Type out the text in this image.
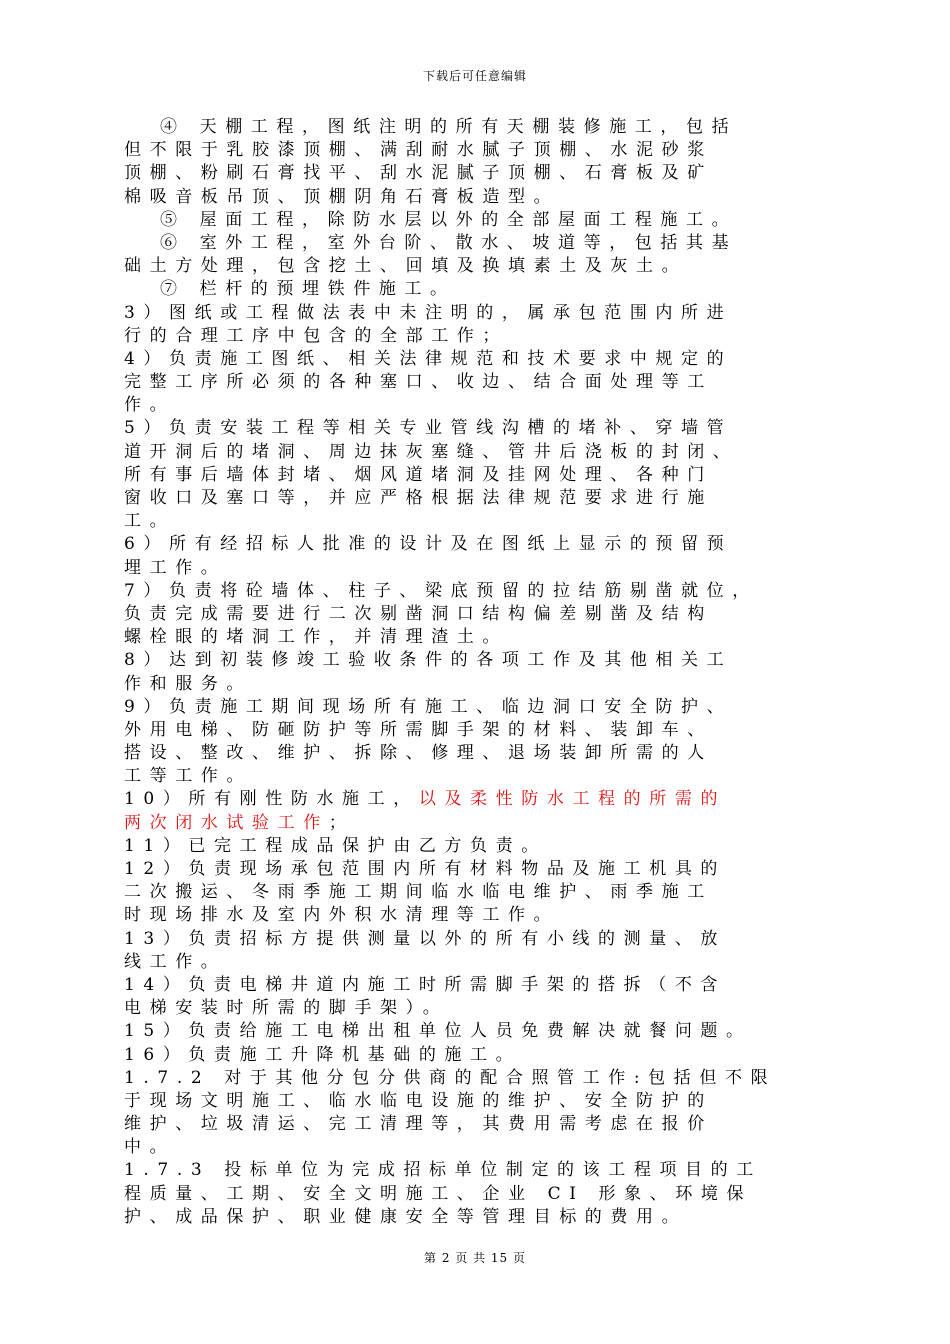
下载后可任意编辑
④ 天棚工程，图纸注明的所有天棚装修施工，包括
但不限于乳胶漆顶棚、满刮耐水腻子顶棚、水泥砂浆
顶棚、粉刷石膏找平、刮水泥腻子顶棚、石膏板及矿
棉吸音板吊顶、顶棚阴角石膏板造型。
⑤ 屋面工程，除防水层以外的全部屋面工程施工。
⑥ 室外工程，室外台阶、散水、坡道等，包括其基
础土方处理，包含挖土、回填及换填素土及灰土。
⑦ 栏杆的预埋铁件施工。
3）图纸或工程做法表中未注明的，属承包范围内所进
行的合理工序中包含的全部工作；
4）负责施工图纸、相关法律规范和技术要求中规定的
完整工序所必须的各种塞口、收边、结合面处理等工
作。
5）负责安装工程等相关专业管线沟槽的堵补、穿墙管
道开洞后的堵洞、周边抹灰塞缝、管井后浇板的封闭、
所有事后墙体封堵、烟风道堵洞及挂网处理、各种门
窗收口及塞口等，并应严格根据法律规范要求进行施
工。
6）所有经招标人批准的设计及在图纸上显示的预留预
埋工作。
7）负责将砼墙体、柱子、梁底预留的拉结筋剔凿就位，
负责完成需要进行二次剔凿洞口结构偏差剔凿及结构
螺栓眼的堵洞工作，并清理渣土。
8）达到初装修竣工验收条件的各项工作及其他相关工
作和服务。
9）负责施工期间现场所有施工、临边洞口安全防护、
外用电梯、防砸防护等所需脚手架的材料、装卸车、
搭设、整改、维护、拆除、修理、退场装卸所需的人
工等工作。
10）所有刚性防水施工，以及柔性防水工程的所需的
两次闭水试验工作；
11）已完工程成品保护由乙方负责。
12）负责现场承包范围内所有材料物品及施工机具的
二次搬运、冬雨季施工期间临水临电维护、雨季施工
时现场排水及室内外积水清理等工作。
13）负责招标方提供测量以外的所有小线的测量、放
线工作。
14）负责电梯井道内施工时所需脚手架的搭拆（不含
电梯安装时所需的脚手架）。
15）负责给施工电梯出租单位人员免费解决就餐问题。
16）负责施工升降机基础的施工。
1.7.2 对于其他分包分供商的配合照管工作:包括但不限
于现场文明施工、临水临电设施的维护、安全防护的
维护、垃圾清运、完工清理等，其费用需考虑在报价
中。
1.7.3 投标单位为完成招标单位制定的该工程项目的工
程质量、工期、安全文明施工、企业 CI 形象、环境保
护、成品保护、职业健康安全等管理目标的费用。
第 2 页 共 15 页
